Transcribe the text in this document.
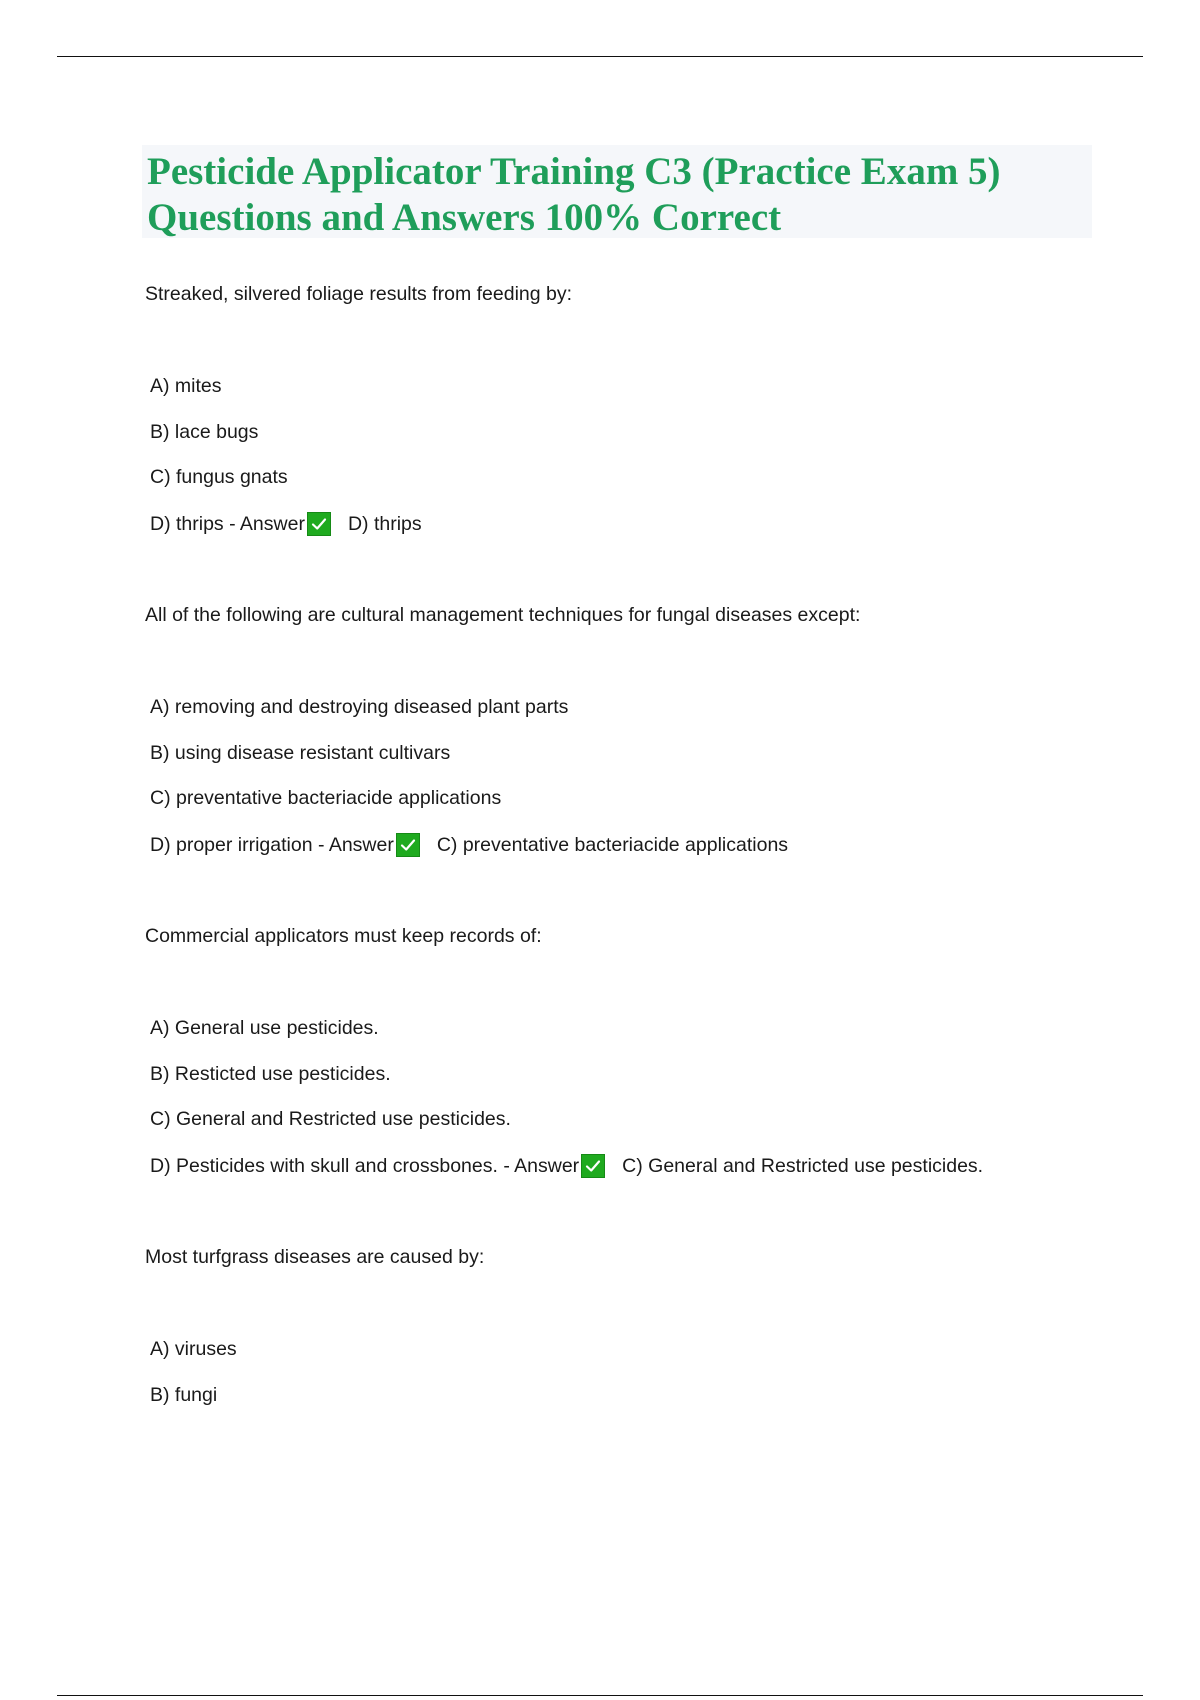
Pesticide Applicator Training C3 (Practice Exam 5)
Questions and Answers 100% Correct
Streaked, silvered foliage results from feeding by:
A) mites
B) lace bugs
C) fungus gnats
D) thrips - Answer D) thrips
All of the following are cultural management techniques for fungal diseases except:
A) removing and destroying diseased plant parts
B) using disease resistant cultivars
C) preventative bacteriacide applications
D) proper irrigation - Answer C) preventative bacteriacide applications
Commercial applicators must keep records of:
A) General use pesticides.
B) Resticted use pesticides.
C) General and Restricted use pesticides.
D) Pesticides with skull and crossbones. - Answer C) General and Restricted use pesticides.
Most turfgrass diseases are caused by:
A) viruses
B) fungi
